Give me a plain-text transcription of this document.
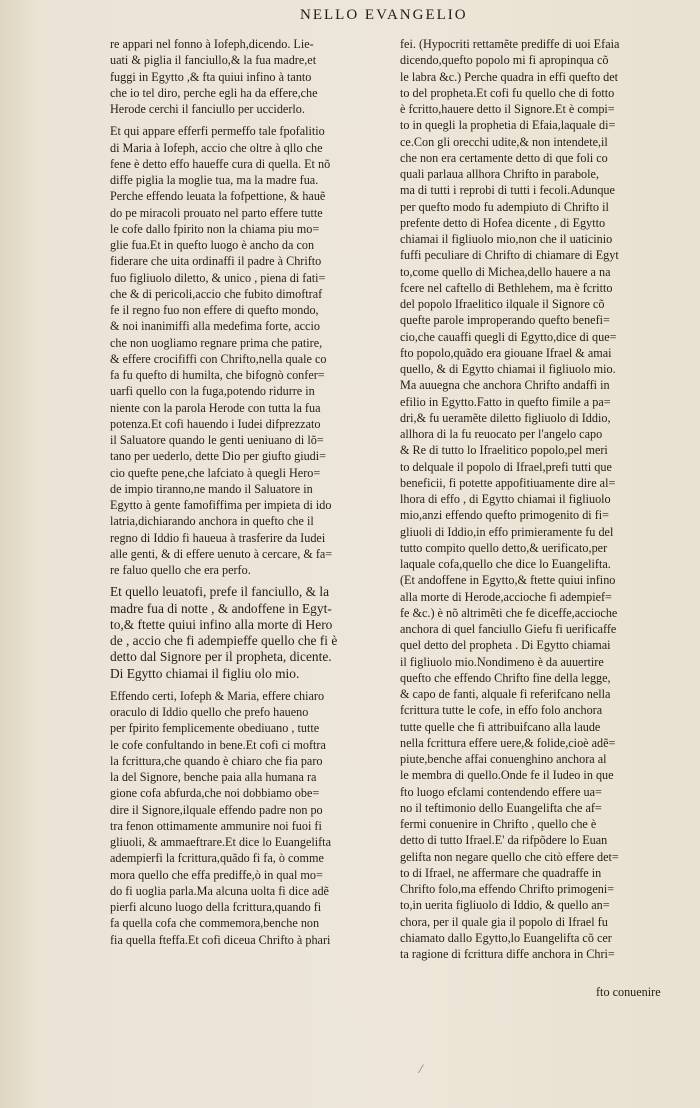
NELLO EVANGELIO
re appari nel fonno à Iofeph,dicendo. Lie-
uati & piglia il fanciullo,& la fua madre,et
fuggi in Egytto ,& fta quiui infino à tanto
che io tel diro, perche egli ha da effere,che
Herode cerchi il fanciullo per ucciderlo.
Et qui appare efferfi permeffo tale fpofalitio
di Maria à Iofeph, accio che oltre à qllo che
fene è detto effo haueffe cura di quella. Et nõ
diffe piglia la moglie tua, ma la madre fua.
Perche effendo leuata la fofpettione, & hauẽ
do pe miracoli prouato nel parto effere tutte
le cofe dallo fpirito non la chiama piu mo=
glie fua.Et in quefto luogo è ancho da con
fiderare che uita ordinaffi il padre à Chrifto
fuo figliuolo diletto, & unico , piena di fati=
che & di pericoli,accio che fubito dimoftraf
fe il regno fuo non effere di quefto mondo,
& noi inanimiffi alla medefima forte, accio
che non uogliamo regnare prima che patire,
& effere crocififfi con Chrifto,nella quale co
fa fu quefto di humilta, che bifognò confer=
uarfi quello con la fuga,potendo ridurre in
niente con la parola Herode con tutta la fua
potenza.Et cofi hauendo i Iudei difprezzato
il Saluatore quando le genti ueniuano di lõ=
tano per uederlo, dette Dio per giufto giudi=
cio quefte pene,che lafciato à quegli Hero=
de impio tiranno,ne mando il Saluatore in
Egytto à gente famofiffima per impieta di ido
latria,dichiarando anchora in quefto che il
regno di Iddio fi haueua à trasferire da Iudei
alle genti, & di effere uenuto à cercare, & fa=
re faluo quello che era perfo.
Et quello leuatofi, prefe il fanciullo, & la
madre fua di notte , & andoffene in Egyt-
to,& ftette quiui infino alla morte di Hero
de , accio che fi adempieffe quello che fi è
detto dal Signore per il propheta, dicente.
Di Egytto chiamai il figliu olo mio.
Effendo certi, Iofeph & Maria, effere chiaro
oraculo di Iddio quello che prefo haueno
per fpirito femplicemente obediuano , tutte
le cofe confultando in bene.Et cofi ci moftra
la fcrittura,che quando è chiaro che fia paro
la del Signore, benche paia alla humana ra
gione cofa abfurda,che noi dobbiamo obe=
dire il Signore,ilquale effendo padre non po
tra fenon ottimamente ammunire noi fuoi fi
gliuoli, & ammaeftrare.Et dice lo Euangelifta
adempierfi la fcrittura,quãdo fi fa, ò comme
mora quello che effa prediffe,ò in qual mo=
do fi uoglia parla.Ma alcuna uolta fi dice adẽ
pierfi alcuno luogo della fcrittura,quando fi
fa quella cofa che commemora,benche non
fia quella fteffa.Et cofi diceua Chrifto à phari
fei. (Hypocriti rettamẽte prediffe di uoi Efaia
dicendo,quefto popolo mi fi apropinqua cõ
le labra &c.) Perche quadra in effi quefto det
to del propheta.Et cofi fu quello che di fotto
è fcritto,hauere detto il Signore.Et è compi=
to in quegli la prophetia di Efaia,laquale di=
ce.Con gli orecchi udite,& non intendete,il
che non era certamente detto di que foli co
quali parlaua allhora Chrifto in parabole,
ma di tutti i reprobi di tutti i fecoli.Adunque
per quefto modo fu adempiuto di Chrifto il
prefente detto di Hofea dicente , di Egytto
chiamai il figliuolo mio,non che il uaticinio
fuffi peculiare di Chrifto di chiamare di Egyt
to,come quello di Michea,dello hauere a na
fcere nel caftello di Bethlehem, ma è fcritto
del popolo Ifraelitico ilquale il Signore cõ
quefte parole improperando quefto benefi=
cio,che cauaffi quegli di Egytto,dice di que=
fto popolo,quãdo era giouane Ifrael & amai
quello, & di Egytto chiamai il figliuolo mio.
Ma auuegna che anchora Chrifto andaffi in
efilio in Egytto.Fatto in quefto fimile a pa=
dri,& fu ueramẽte diletto figliuolo di Iddio,
allhora di la fu reuocato per l'angelo capo
& Re di tutto lo Ifraelitico popolo,pel meri
to delquale il popolo di Ifrael,prefi tutti que
beneficii, fi potette appofitiuamente dire al=
lhora di effo , di Egytto chiamai il figliuolo
mio,anzi effendo quefto primogenito di fi=
gliuoli di Iddio,in effo primieramente fu del
tutto compito quello detto,& uerificato,per
laquale cofa,quello che dice lo Euangelifta.
(Et andoffene in Egytto,& ftette quiui infino
alla morte di Herode,accioche fi adempief=
fe &c.) è nõ altrimẽti che fe diceffe,accioche
anchora di quel fanciullo Giefu fi uerificaffe
quel detto del propheta . Di Egytto chiamai
il figliuolo mio.Nondimeno è da auuertire
quefto che effendo Chrifto fine della legge,
& capo de fanti, alquale fi referifcano nella
fcrittura tutte le cofe, in effo folo anchora
tutte quelle che fi attribuifcano alla laude
nella fcrittura effere uere,& folide,cioè adẽ=
piute,benche affai conuenghino anchora al
le membra di quello.Onde fe il Iudeo in que
fto luogo efclami contendendo effere ua=
no il teftimonio dello Euangelifta che af=
fermi conuenire in Chrifto , quello che è
detto di tutto Ifrael.E' da rifpõdere lo Euan
gelifta non negare quello che citò effere det=
to di Ifrael, ne affermare che quadraffe in
Chrifto folo,ma effendo Chrifto primogeni=
to,in uerita figliuolo di Iddio, & quello an=
chora, per il quale gia il popolo di Ifrael fu
chiamato dallo Egytto,lo Euangelifta cõ cer
ta ragione di fcrittura diffe anchora in Chri=
fto conuenire
⁄
